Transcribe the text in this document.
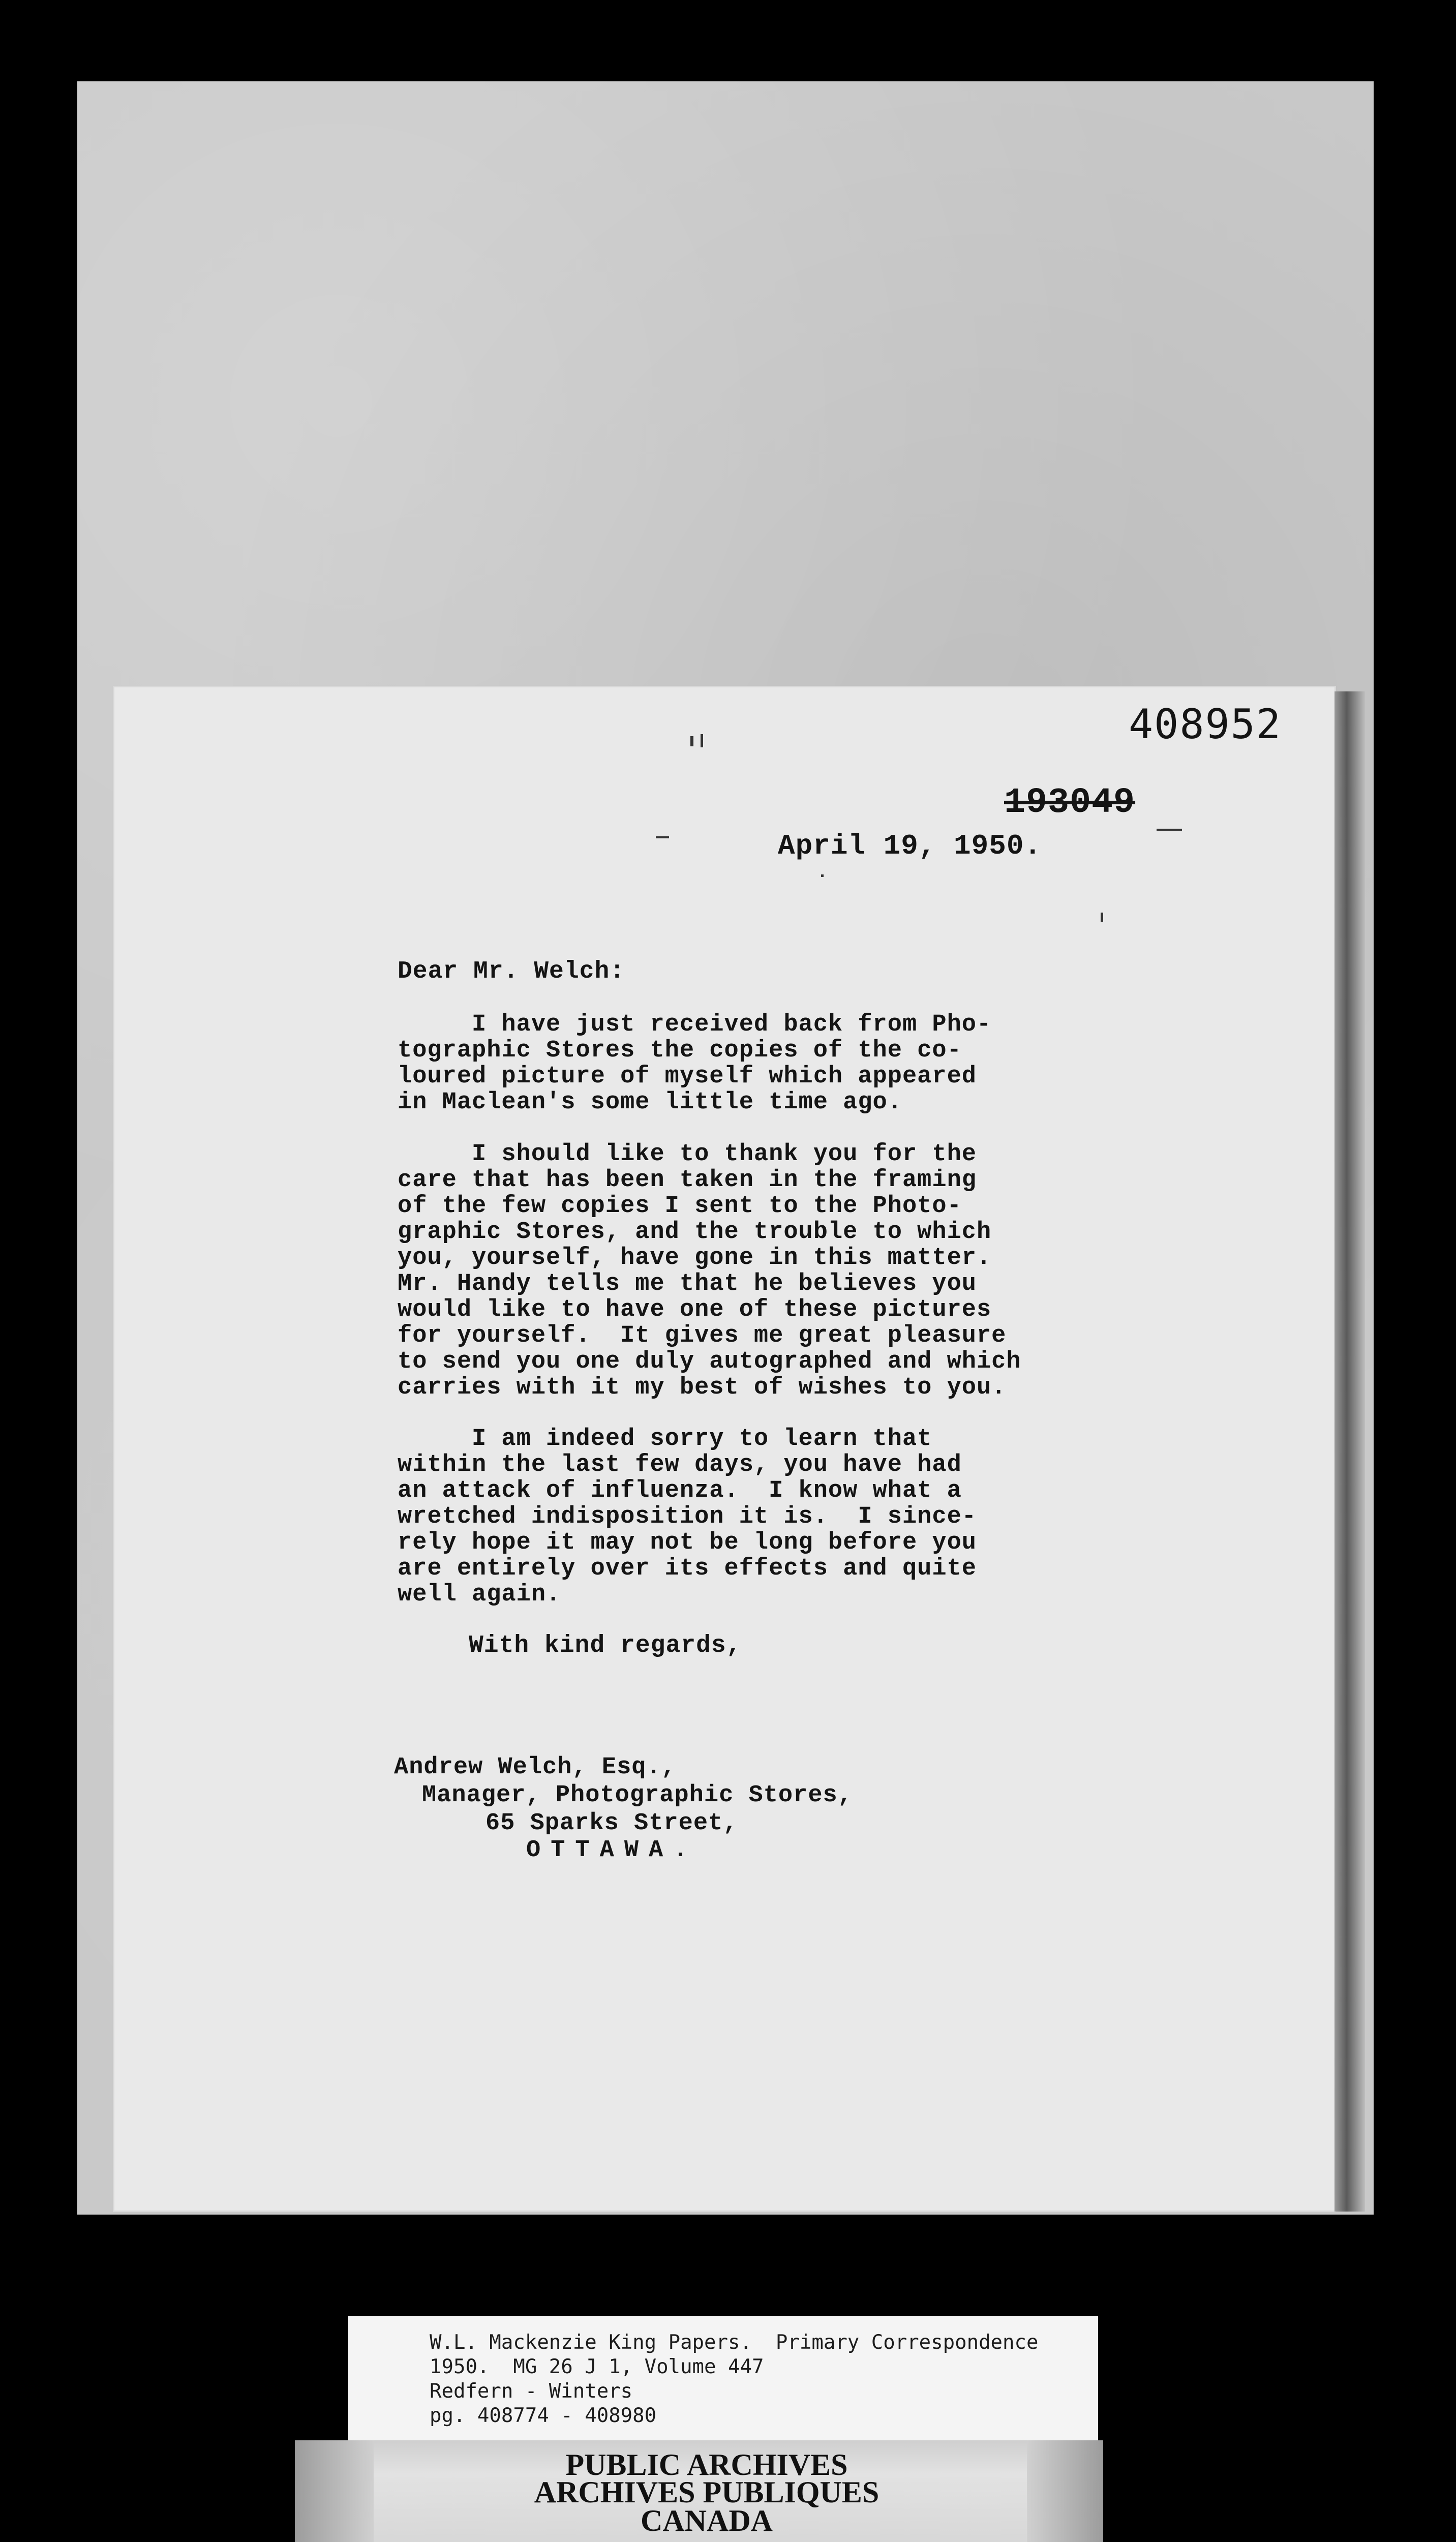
408952
193049
April 19, 1950.
Dear Mr. Welch:
I have just received back from Pho-
tographic Stores the copies of the co-
loured picture of myself which appeared
in Maclean's some little time ago.
I should like to thank you for the
care that has been taken in the framing
of the few copies I sent to the Photo-
graphic Stores, and the trouble to which
you, yourself, have gone in this matter.
Mr. Handy tells me that he believes you
would like to have one of these pictures
for yourself.  It gives me great pleasure
to send you one duly autographed and which
carries with it my best of wishes to you.
I am indeed sorry to learn that
within the last few days, you have had
an attack of influenza.  I know what a
wretched indisposition it is.  I since-
rely hope it may not be long before you
are entirely over its effects and quite
well again.
With kind regards,
Andrew Welch, Esq.,
Manager, Photographic Stores,
65 Sparks Street,
OTTAWA.
W.L. Mackenzie King Papers.  Primary Correspondence
1950.  MG 26 J 1, Volume 447
Redfern - Winters
pg. 408774 - 408980
PUBLIC ARCHIVES
ARCHIVES PUBLIQUES
CANADA
